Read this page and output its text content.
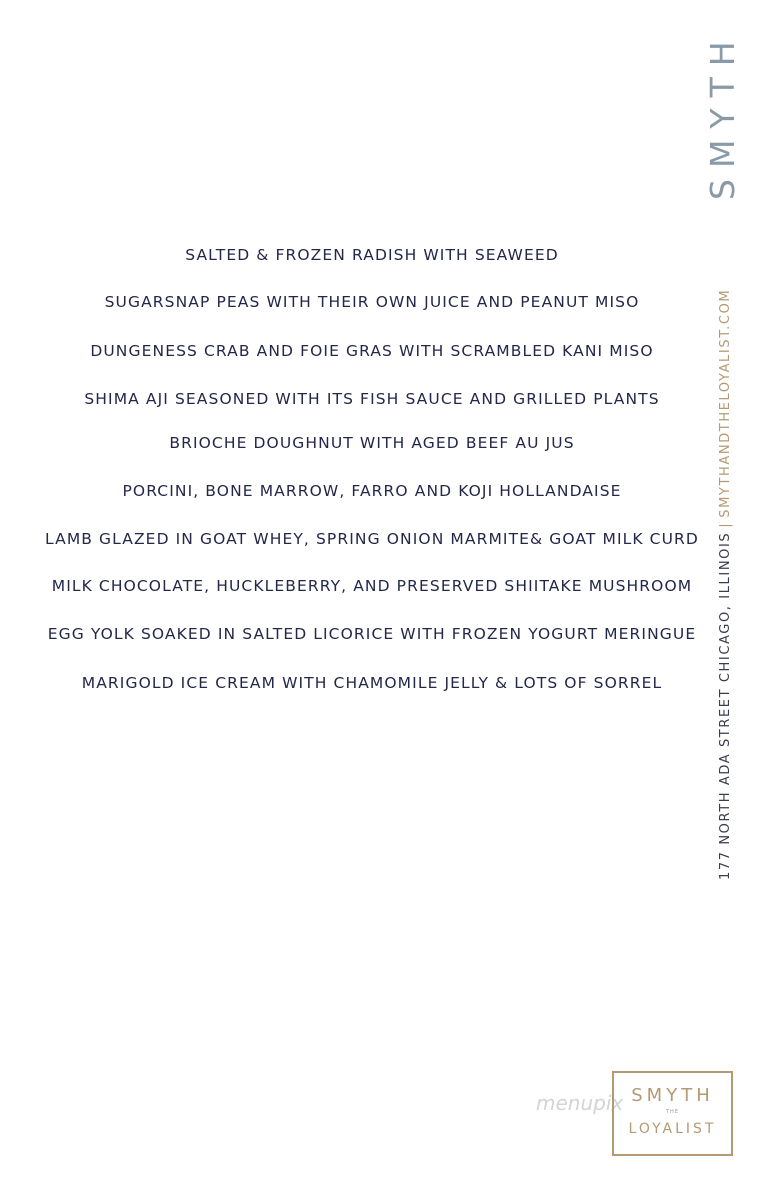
SALTED & FROZEN RADISH WITH SEAWEED
SUGARSNAP PEAS WITH THEIR OWN JUICE AND PEANUT MISO
DUNGENESS CRAB AND FOIE GRAS WITH SCRAMBLED KANI MISO
SHIMA AJI SEASONED WITH ITS FISH SAUCE AND GRILLED PLANTS
BRIOCHE DOUGHNUT WITH AGED BEEF AU JUS
PORCINI, BONE MARROW, FARRO AND KOJI HOLLANDAISE
LAMB GLAZED IN GOAT WHEY, SPRING ONION MARMITE& GOAT MILK CURD
MILK CHOCOLATE, HUCKLEBERRY, AND PRESERVED SHIITAKE MUSHROOM
EGG YOLK SOAKED IN SALTED LICORICE WITH FROZEN YOGURT MERINGUE
MARIGOLD ICE CREAM WITH CHAMOMILE JELLY & LOTS OF SORREL
SMYTH
177 NORTH ADA STREET CHICAGO, ILLINOIS|SMYTHANDTHELOYALIST.COM
menupix SMYTH
THE
LOYALIST
